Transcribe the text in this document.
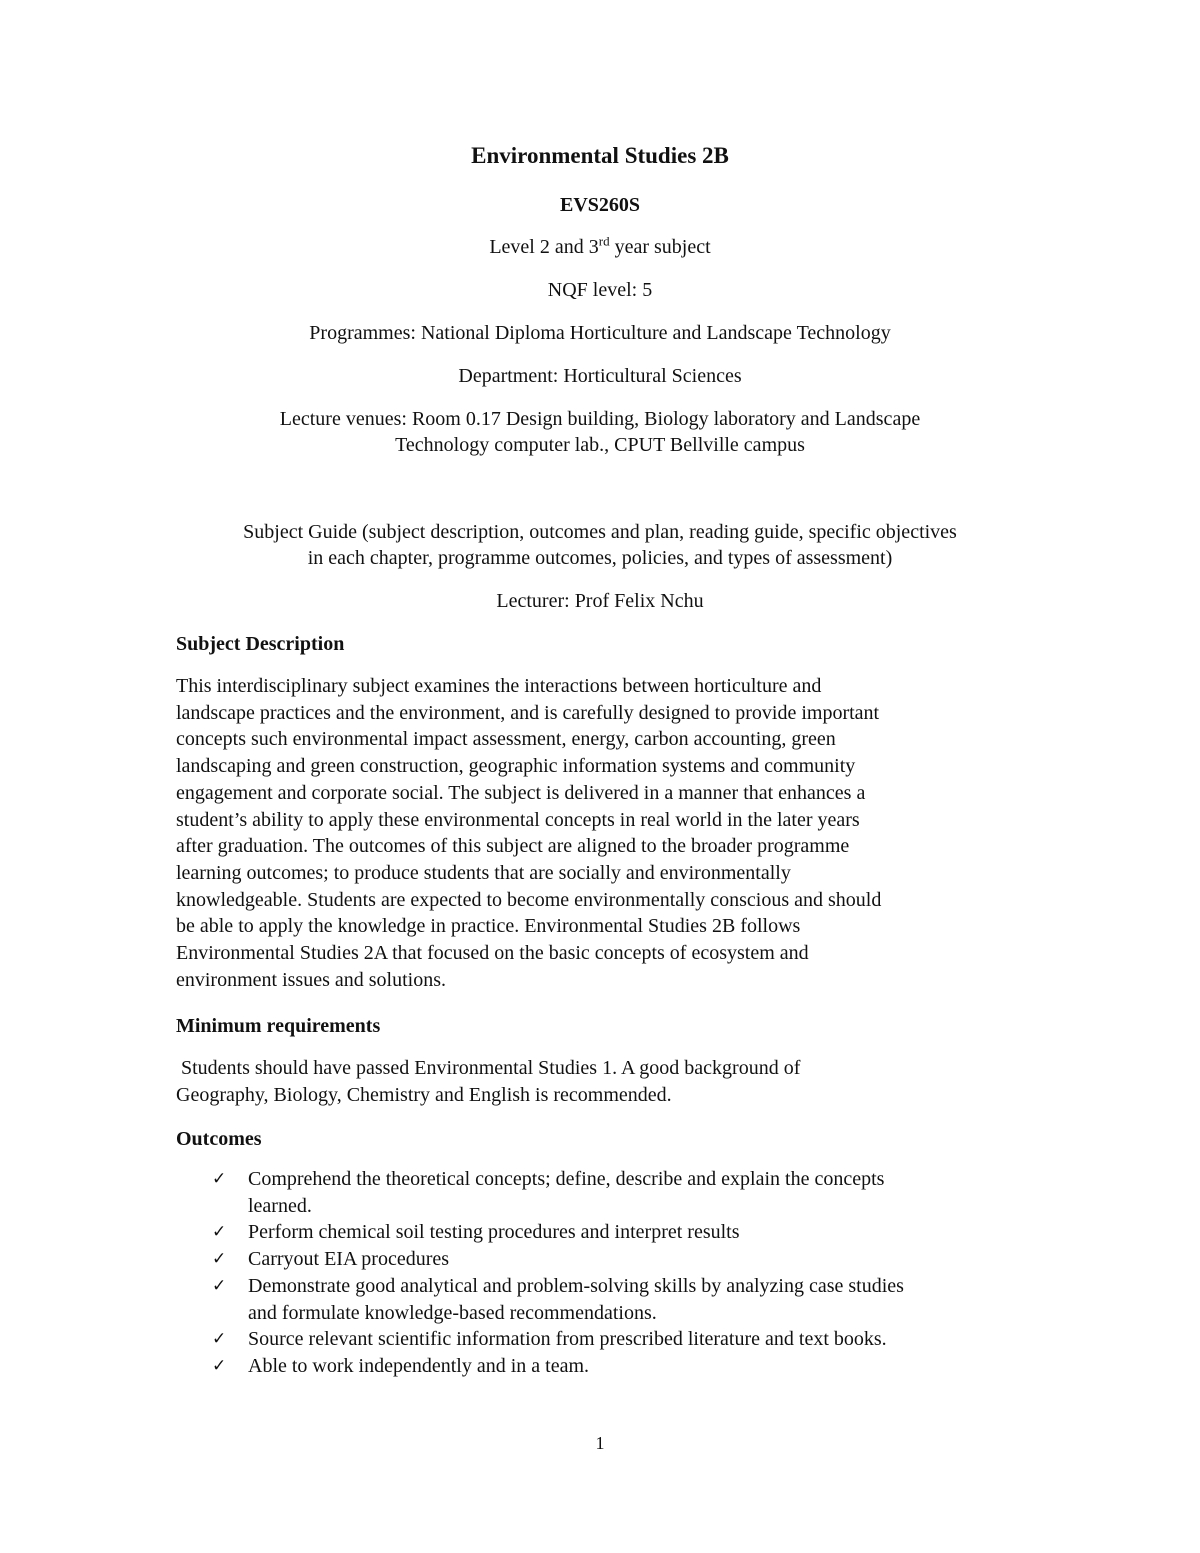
Environmental Studies 2B
EVS260S
Level 2 and 3rd year subject
NQF level: 5
Programmes: National Diploma Horticulture and Landscape Technology
Department: Horticultural Sciences
Lecture venues: Room 0.17 Design building, Biology laboratory and Landscape
Technology computer lab., CPUT Bellville campus
Subject Guide (subject description, outcomes and plan, reading guide, specific objectives
in each chapter, programme outcomes, policies, and types of assessment)
Lecturer: Prof Felix Nchu
Subject Description
This interdisciplinary subject examines the interactions between horticulture and
landscape practices and the environment, and is carefully designed to provide important
concepts such environmental impact assessment, energy, carbon accounting, green
landscaping and green construction, geographic information systems and community
engagement and corporate social. The subject is delivered in a manner that enhances a
student’s ability to apply these environmental concepts in real world in the later years
after graduation. The outcomes of this subject are aligned to the broader programme
learning outcomes; to produce students that are socially and environmentally
knowledgeable. Students are expected to become environmentally conscious and should
be able to apply the knowledge in practice. Environmental Studies 2B follows
Environmental Studies 2A that focused on the basic concepts of ecosystem and
environment issues and solutions.
Minimum requirements
Students should have passed Environmental Studies 1. A good background of
Geography, Biology, Chemistry and English is recommended.
Outcomes
✓ Comprehend the theoretical concepts; define, describe and explain the concepts
learned.
✓ Perform chemical soil testing procedures and interpret results
✓ Carryout EIA procedures
✓ Demonstrate good analytical and problem-solving skills by analyzing case studies
and formulate knowledge-based recommendations.
✓ Source relevant scientific information from prescribed literature and text books.
✓ Able to work independently and in a team.
1
